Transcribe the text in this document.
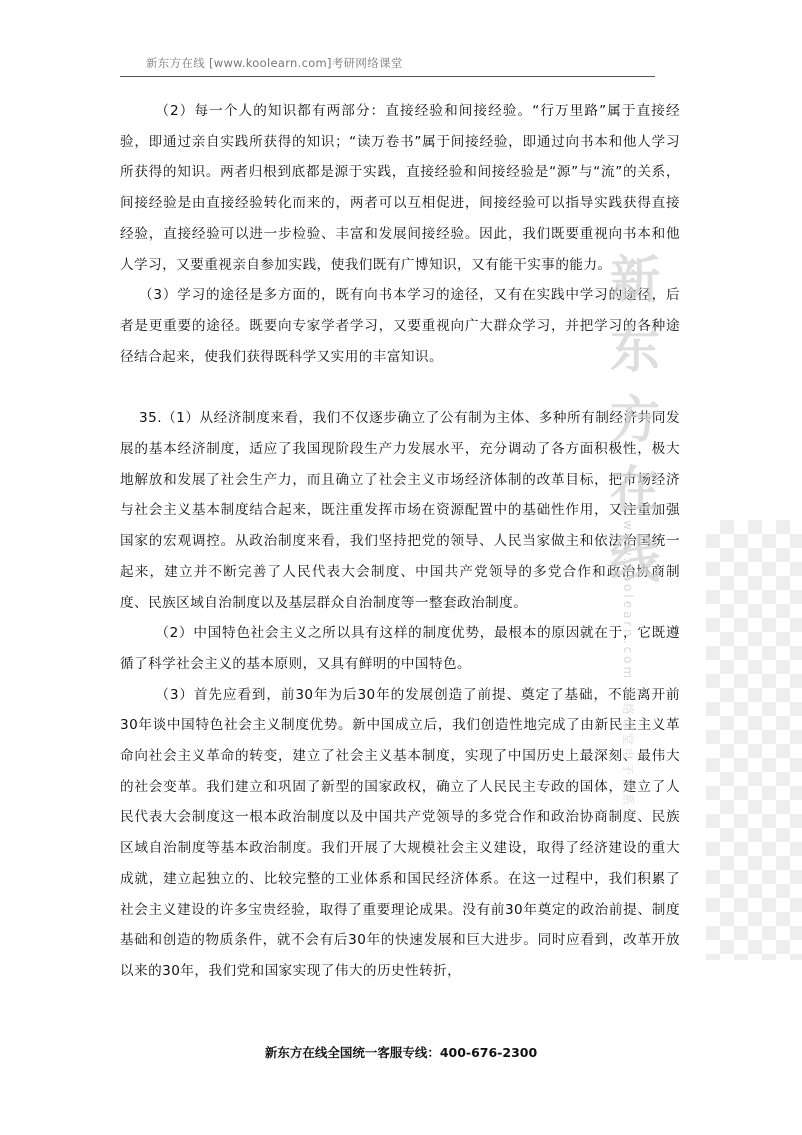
新东方在线 [www.koolearn.com]考研网络课堂

（2）每一个人的知识都有两部分：直接经验和间接经验。“行万里路”属于直接经验，即通过亲自实践所获得的知识；“读万卷书”属于间接经验，即通过向书本和他人学习所获得的知识。两者归根到底都是源于实践，直接经验和间接经验是“源”与“流”的关系，间接经验是由直接经验转化而来的，两者可以互相促进，间接经验可以指导实践获得直接经验，直接经验可以进一步检验、丰富和发展间接经验。因此，我们既要重视向书本和他人学习，又要重视亲自参加实践，使我们既有广博知识，又有能干实事的能力。

（3）学习的途径是多方面的，既有向书本学习的途径，又有在实践中学习的途径，后者是更重要的途径。既要向专家学者学习，又要重视向广大群众学习，并把学习的各种途径结合起来，使我们获得既科学又实用的丰富知识。

35.（1）从经济制度来看，我们不仅逐步确立了公有制为主体、多种所有制经济共同发展的基本经济制度，适应了我国现阶段生产力发展水平，充分调动了各方面积极性，极大地解放和发展了社会生产力，而且确立了社会主义市场经济体制的改革目标，把市场经济与社会主义基本制度结合起来，既注重发挥市场在资源配置中的基础性作用，又注重加强国家的宏观调控。从政治制度来看，我们坚持把党的领导、人民当家做主和依法治国统一起来，建立并不断完善了人民代表大会制度、中国共产党领导的多党合作和政治协商制度、民族区域自治制度以及基层群众自治制度等一整套政治制度。

（2）中国特色社会主义之所以具有这样的制度优势，最根本的原因就在于，它既遵循了科学社会主义的基本原则，又具有鲜明的中国特色。

（3）首先应看到，前30年为后30年的发展创造了前提、奠定了基础，不能离开前30年谈中国特色社会主义制度优势。新中国成立后，我们创造性地完成了由新民主主义革命向社会主义革命的转变，建立了社会主义基本制度，实现了中国历史上最深刻、最伟大的社会变革。我们建立和巩固了新型的国家政权，确立了人民民主专政的国体，建立了人民代表大会制度这一根本政治制度以及中国共产党领导的多党合作和政治协商制度、民族区域自治制度等基本政治制度。我们开展了大规模社会主义建设，取得了经济建设的重大成就，建立起独立的、比较完整的工业体系和国民经济体系。在这一过程中，我们积累了社会主义建设的许多宝贵经验，取得了重要理论成果。没有前30年奠定的政治前提、制度基础和创造的物质条件，就不会有后30年的快速发展和巨大进步。同时应看到，改革开放以来的30年，我们党和国家实现了伟大的历史性转折，

新
东
方
在
线
www.koolearn.com 网络课堂电子书系列
新东方在线全国统一客服专线：400-676-2300
